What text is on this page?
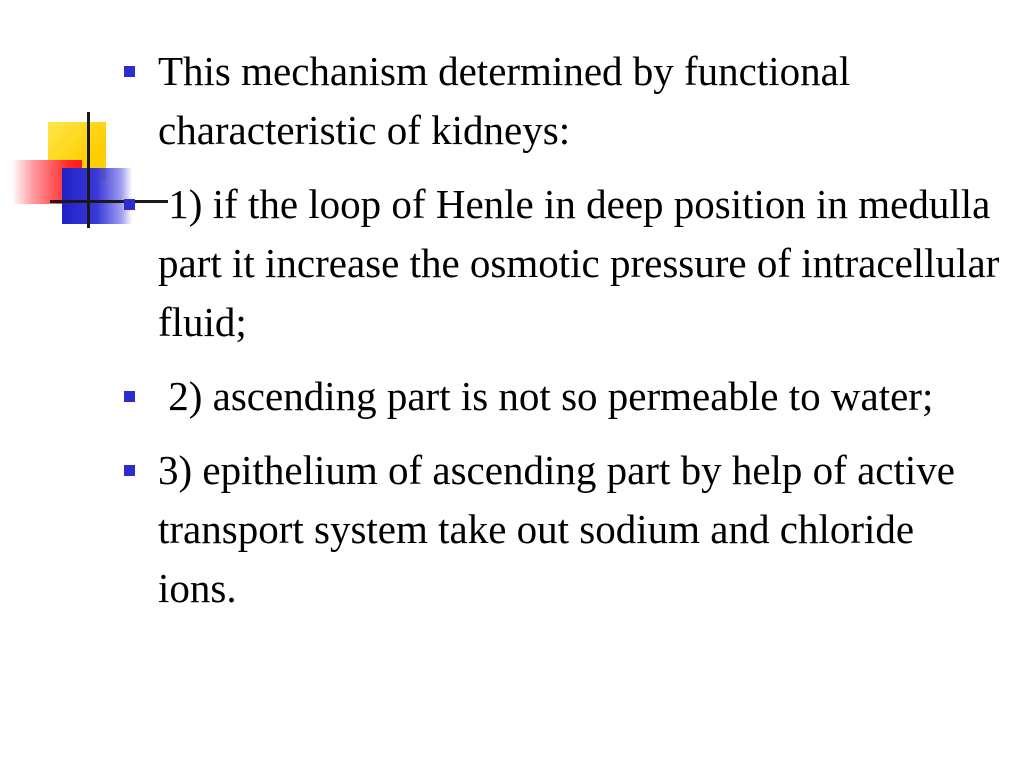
This mechanism determined by functional characteristic of kidneys:
1) if the loop of Henle in deep position in medulla part it increase the osmotic pressure of intracellular fluid;
2) ascending part is not so permeable to water;
3) epithelium of ascending part by help of active transport system take out sodium and chloride ions.
